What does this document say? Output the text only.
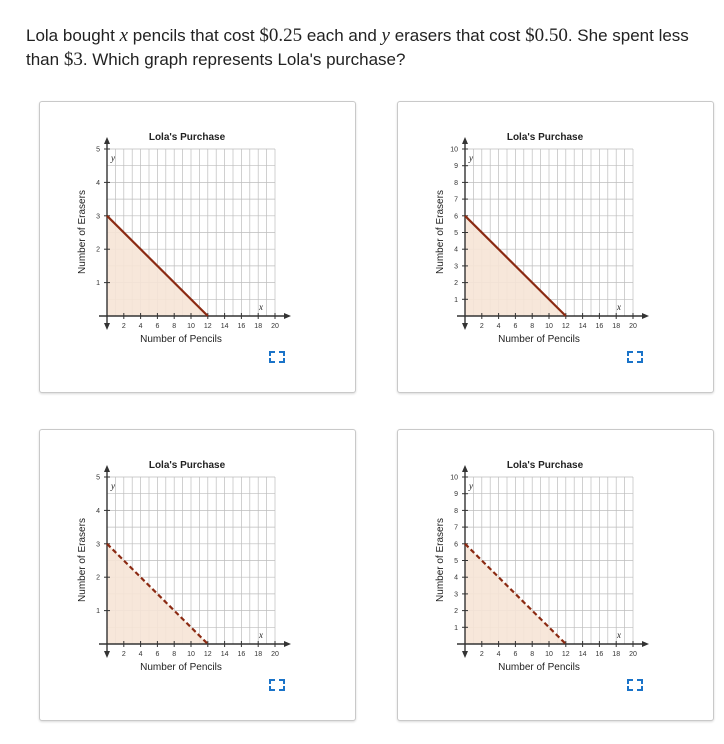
Lola bought x pencils that cost $0.25 each and y erasers that cost $0.50. She spent less than $3. Which graph represents Lola's purchase?
2 4 6 8 10 12 14 16 18 20
1
2
3
4
5
Lola's Purchase
Number of Pencils
Number of Erasers
y
x
2 4 6 8 10 12 14 16 18 20
1
2
3
4
5
6
7
8
9
10
Lola's Purchase
Number of Pencils
Number of Erasers
y
x
2 4 6 8 10 12 14 16 18 20
1
2
3
4
5
Lola's Purchase
Number of Pencils
Number of Erasers
y
x
2 4 6 8 10 12 14 16 18 20
1
2
3
4
5
6
7
8
9
10
Lola's Purchase
Number of Pencils
Number of Erasers
y
x
